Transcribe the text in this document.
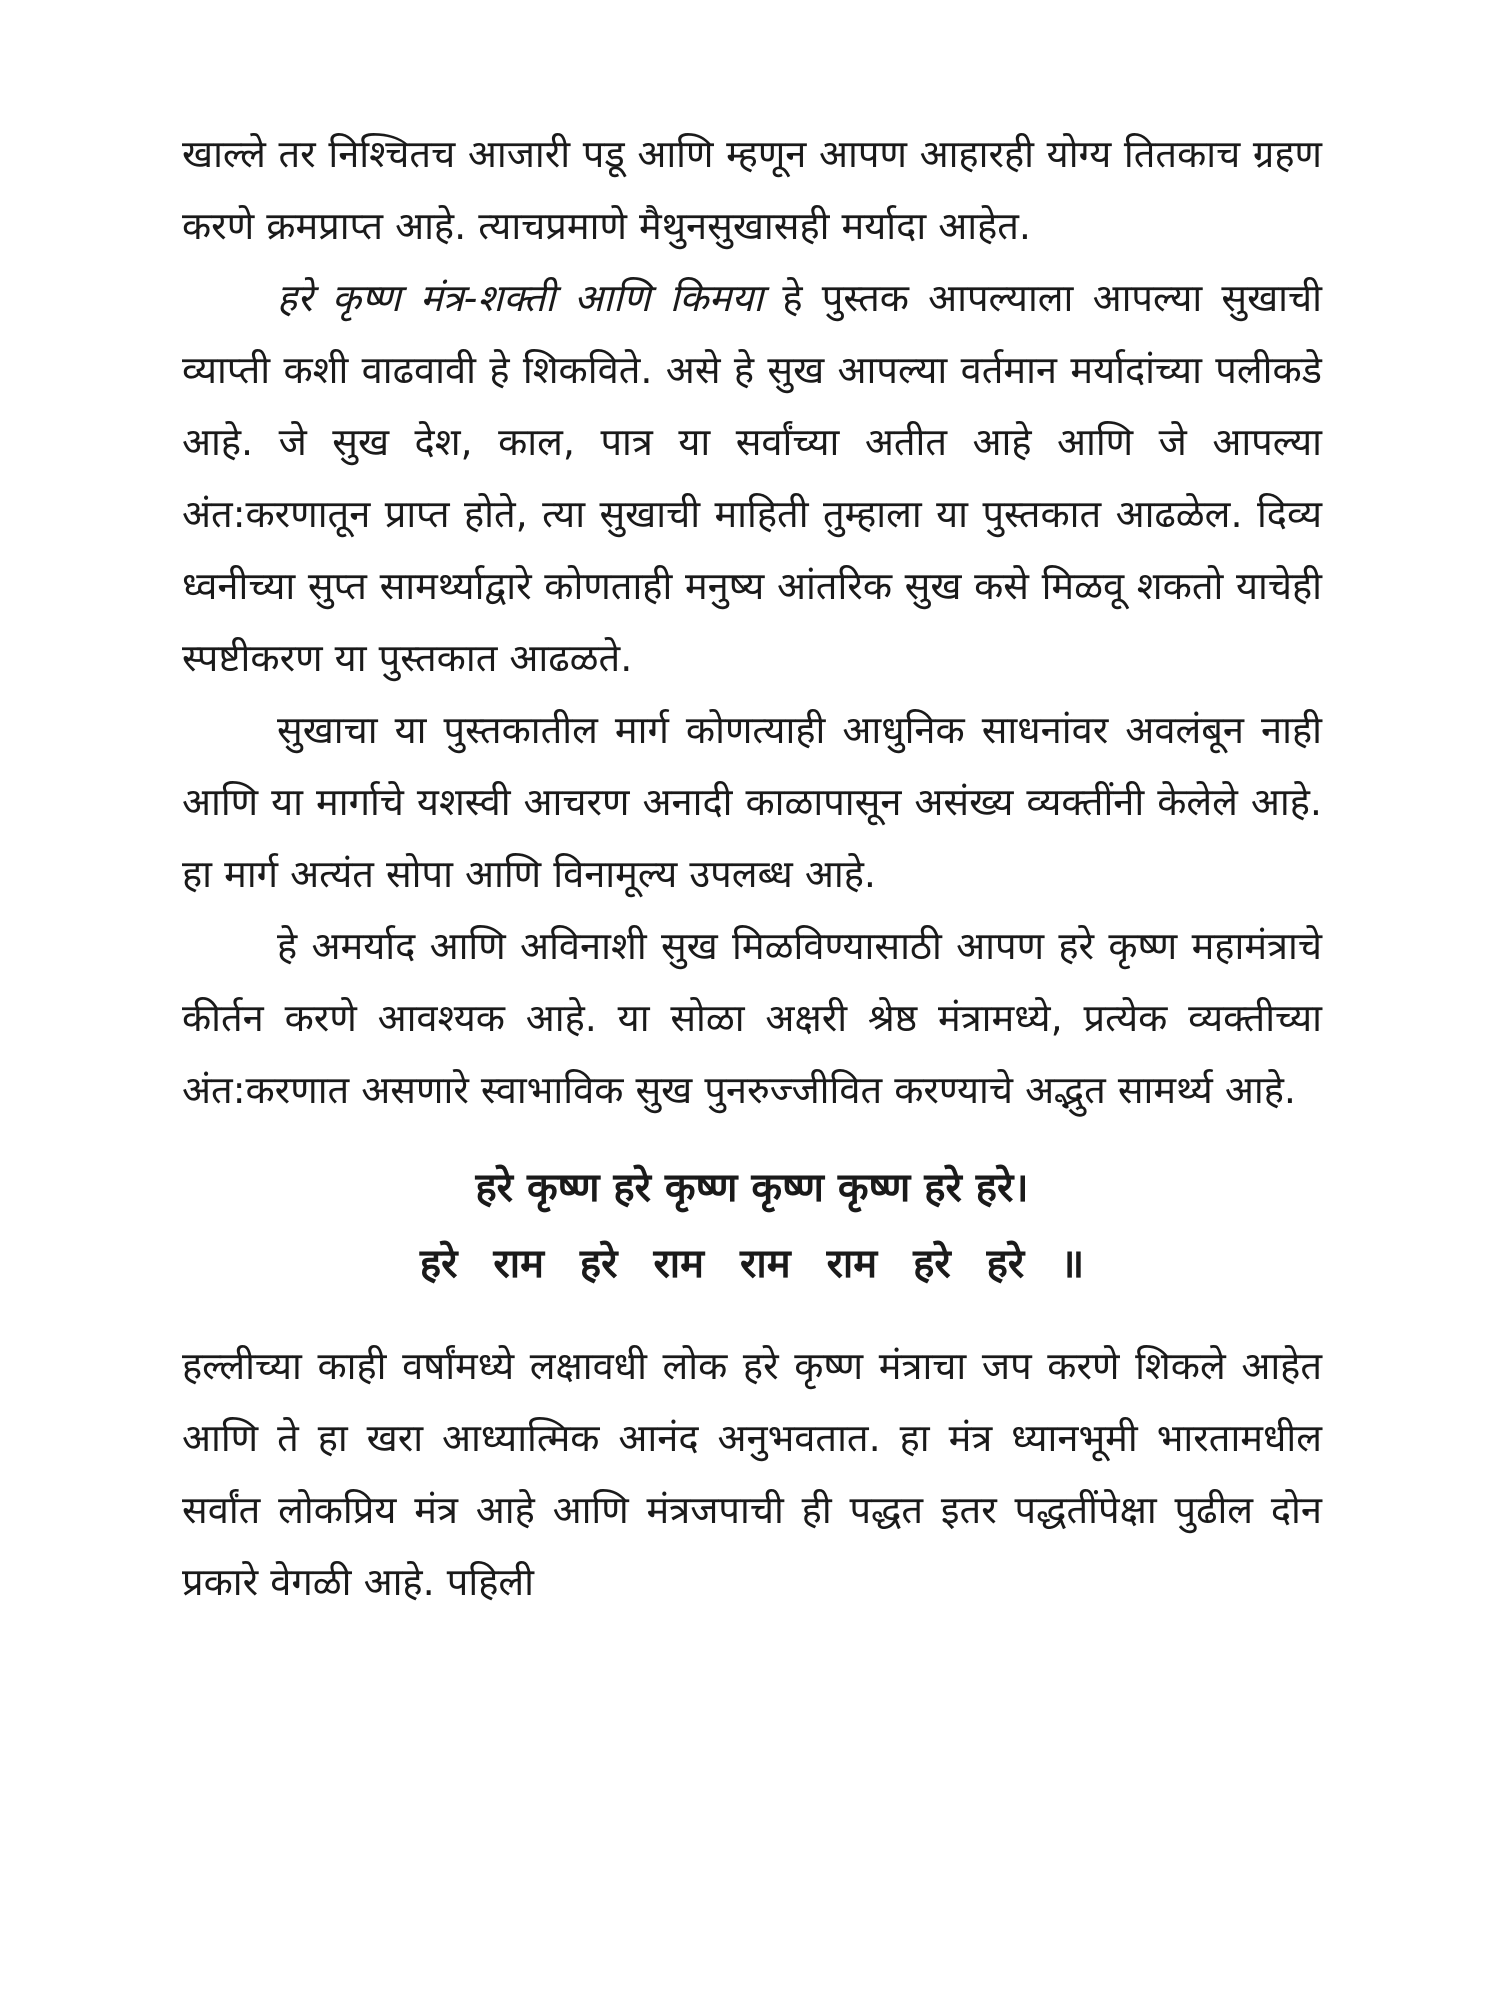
खाल्ले तर निश्चितच आजारी पडू आणि म्हणून आपण आहारही योग्य तितकाच ग्रहण करणे क्रमप्राप्त आहे. त्याचप्रमाणे मैथुनसुखासही मर्यादा आहेत.

हरे कृष्ण मंत्र-शक्ती आणि किमया हे पुस्तक आपल्याला आपल्या सुखाची व्याप्ती कशी वाढवावी हे शिकविते. असे हे सुख आपल्या वर्तमान मर्यादांच्या पलीकडे आहे. जे सुख देश, काल, पात्र या सर्वांच्या अतीत आहे आणि जे आपल्या अंत:करणातून प्राप्त होते, त्या सुखाची माहिती तुम्हाला या पुस्तकात आढळेल. दिव्य ध्वनीच्या सुप्त सामर्थ्याद्वारे कोणताही मनुष्य आंतरिक सुख कसे मिळवू शकतो याचेही स्पष्टीकरण या पुस्तकात आढळते.

सुखाचा या पुस्तकातील मार्ग कोणत्याही आधुनिक साधनांवर अवलंबून नाही आणि या मार्गाचे यशस्वी आचरण अनादी काळापासून असंख्य व्यक्तींनी केलेले आहे. हा मार्ग अत्यंत सोपा आणि विनामूल्य उपलब्ध आहे.

हे अमर्याद आणि अविनाशी सुख मिळविण्यासाठी आपण हरे कृष्ण महामंत्राचे कीर्तन करणे आवश्यक आहे. या सोळा अक्षरी श्रेष्ठ मंत्रामध्ये, प्रत्येक व्यक्तीच्या अंत:करणात असणारे स्वाभाविक सुख पुनरुज्जीवित करण्याचे अद्भुत सामर्थ्य आहे.

हरे कृष्ण हरे कृष्ण कृष्ण कृष्ण हरे हरे।
हरे राम हरे राम राम राम हरे हरे ॥

हल्लीच्या काही वर्षांमध्ये लक्षावधी लोक हरे कृष्ण मंत्राचा जप करणे शिकले आहेत आणि ते हा खरा आध्यात्मिक आनंद अनुभवतात. हा मंत्र ध्यानभूमी भारतामधील सर्वांत लोकप्रिय मंत्र आहे आणि मंत्रजपाची ही पद्धत इतर पद्धतींपेक्षा पुढील दोन प्रकारे वेगळी आहे. पहिली
